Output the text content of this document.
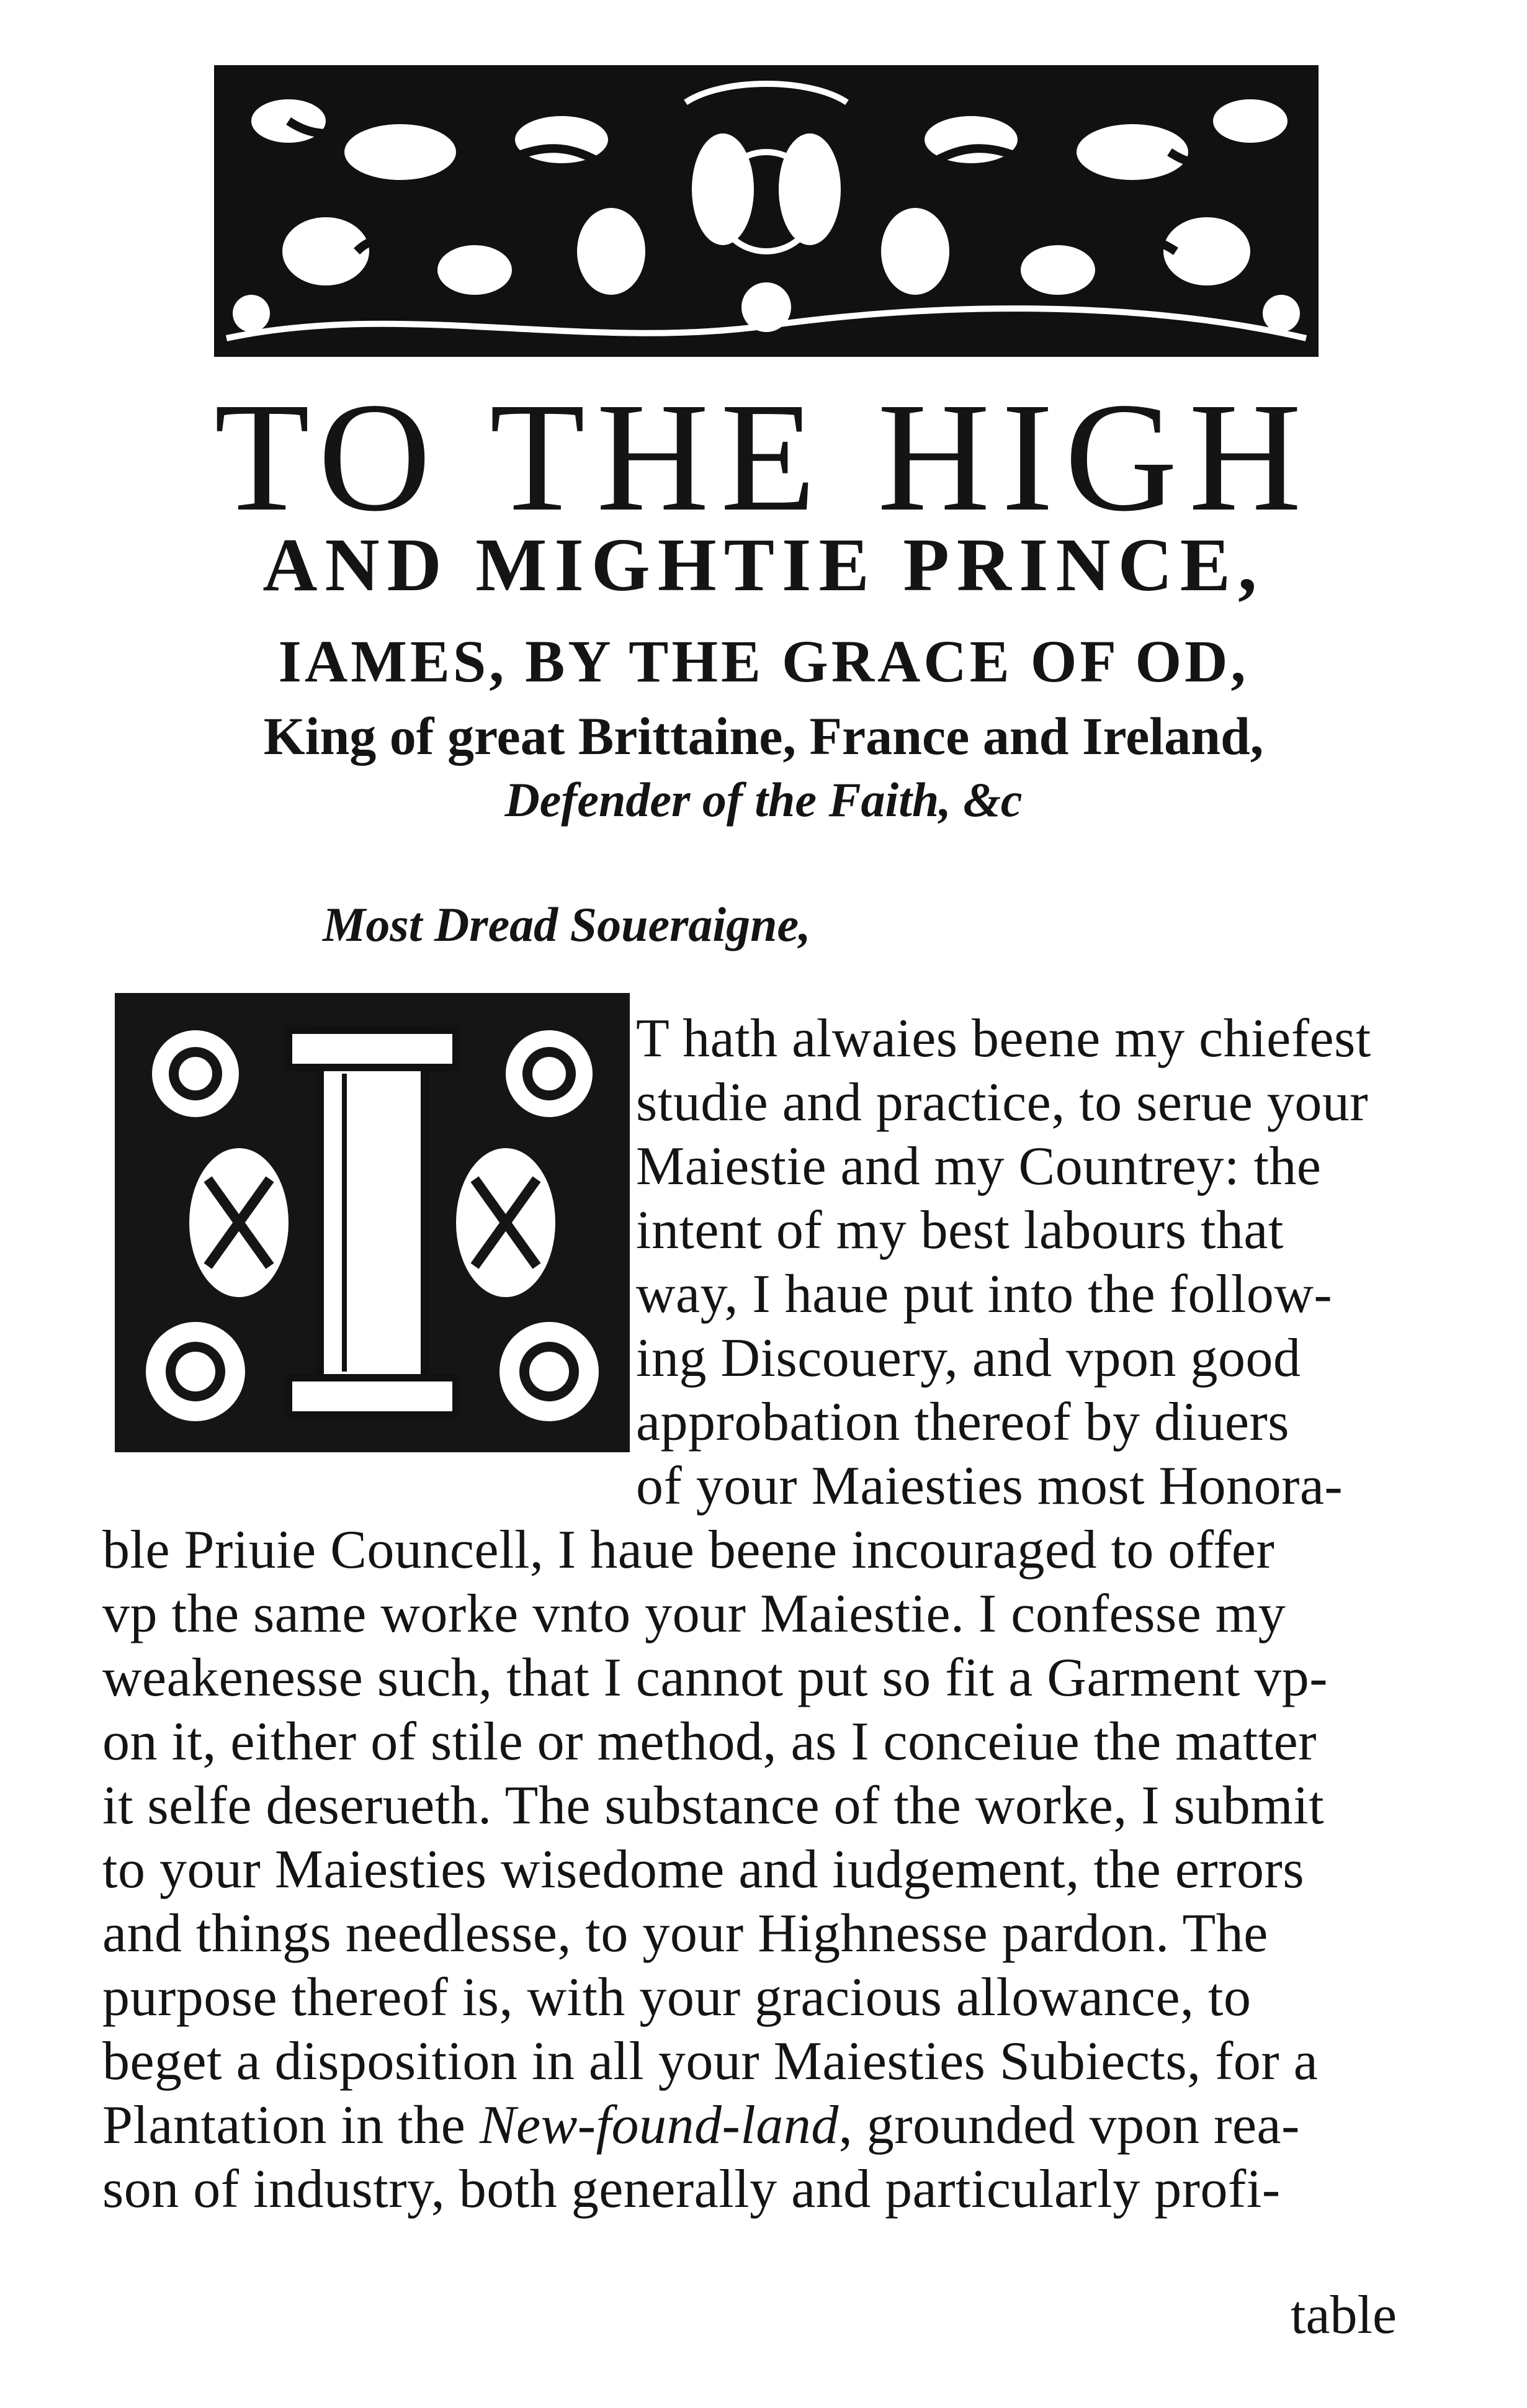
TO THE HIGH
AND MIGHTIE PRINCE,
IAMES, BY THE GRACE OF OD,
King of great Brittaine, France and Ireland,
Defender of the Faith, &c
Most Dread Soueraigne,
T hath alwaies beene my chiefest
studie and practice, to serue your
Maiestie and my Countrey: the
intent of my best labours that
way, I haue put into the follow-
ing Discouery, and vpon good
approbation thereof by diuers
of your Maiesties most Honora-
ble Priuie Councell, I haue beene incouraged to offer
vp the same worke vnto your Maiestie. I confesse my
weakenesse such, that I cannot put so fit a Garment vp-
on it, either of stile or method, as I conceiue the matter
it selfe deserueth. The substance of the worke, I submit
to your Maiesties wisedome and iudgement, the errors
and things needlesse, to your Highnesse pardon. The
purpose thereof is, with your gracious allowance, to
beget a disposition in all your Maiesties Subiects, for a
Plantation in the New-found-land, grounded vpon rea-
son of industry, both generally and particularly profi-
table
